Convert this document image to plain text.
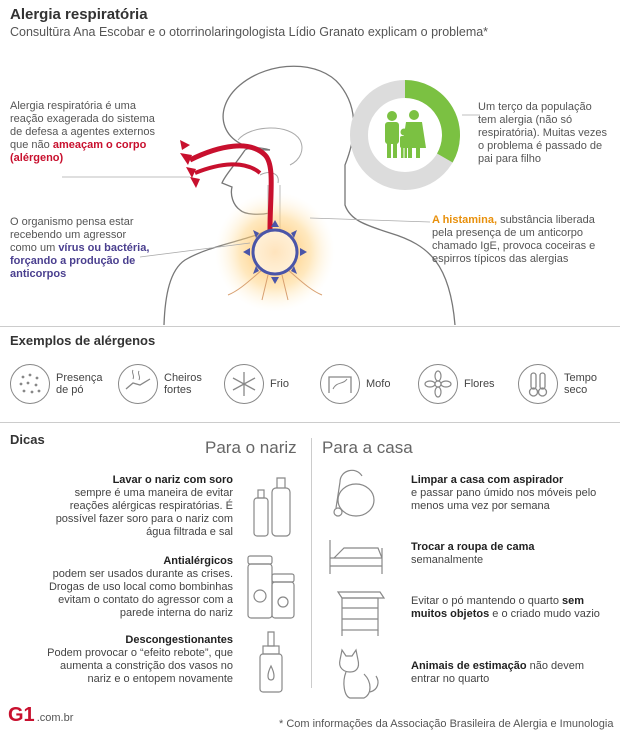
Alergia respiratória
Consultūra Ana Escobar e o otorrinolaringologista Lídio Granato explicam o problema*
Alergia respiratória é uma reação exagerada do sistema de defesa a agentes externos que não ameaçam o corpo (alérgeno)
O organismo pensa estar recebendo um agressor como um vírus ou bactéria, forçando a produção de anticorpos
Um terço da população tem alergia (não só respiratória). Muitas vezes o problema é passado de pai para filho
A histamina, substância liberada pela presença de um anticorpo chamado IgE, provoca coceiras e espirros típicos das alergias
Exemplos de alérgenos
Presença
de pó
Cheiros
fortes	Frio	Mofo	Flores	Tempo
seco
Dicas	Para o nariz Para a casa
Lavar o nariz com soro
sempre é uma maneira de evitar reações alérgicas respiratórias. É possível fazer soro para o nariz com água filtrada e sal
Antialérgicos
podem ser usados durante as crises. Drogas de uso local como bombinhas evitam o contato do agressor com a parede interna do nariz
Descongestionantes
Podem provocar o “efeito rebote”, que aumenta a constrição dos vasos no nariz e o entopem novamente
Limpar a casa com aspirador
e passar pano úmido nos móveis pelo menos uma vez por semana
Trocar a roupa de cama
semanalmente
Evitar o pó mantendo o quarto sem muitos objetos e o criado mudo vazio
Animais de estimação não devem entrar no quarto
G1 .com.br	* Com informações da Associação Brasileira de Alergia e Imunologia
